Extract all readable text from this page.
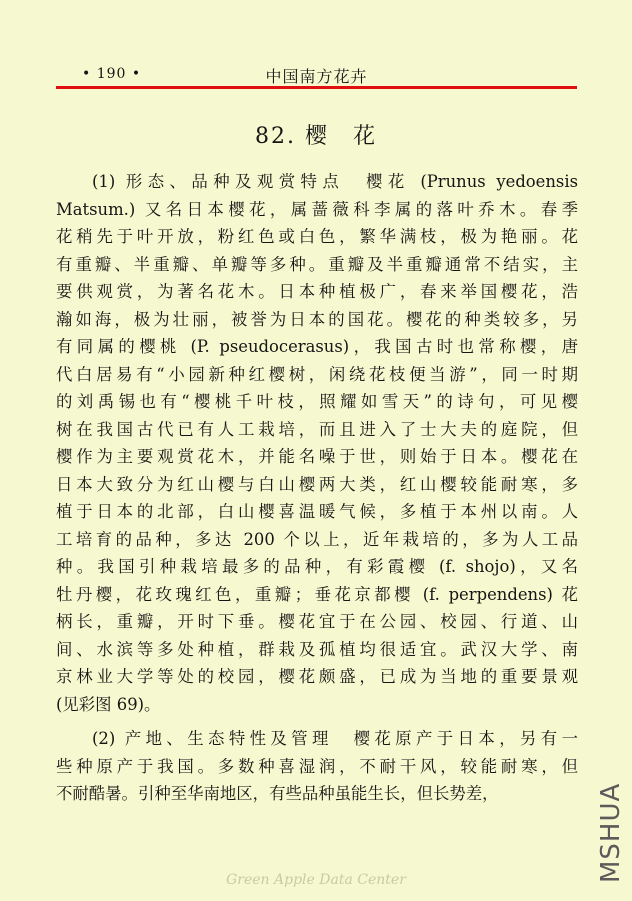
• 190 •	中国南方花卉
82. 樱　花
(1) 形态、品种及观赏特点　樱花 (Prunus yedoensis
Matsum.) 又名日本樱花，属蔷薇科李属的落叶乔木。春季
花稍先于叶开放，粉红色或白色，繁华满枝，极为艳丽。花
有重瓣、半重瓣、单瓣等多种。重瓣及半重瓣通常不结实，主
要供观赏，为著名花木。日本种植极广，春来举国樱花，浩
瀚如海，极为壮丽，被誉为日本的国花。樱花的种类较多，另
有同属的樱桃 (P. pseudocerasus)，我国古时也常称樱，唐
代白居易有“小园新种红樱树，闲绕花枝便当游”，同一时期
的刘禹锡也有“樱桃千叶枝，照耀如雪天”的诗句，可见樱
树在我国古代已有人工栽培，而且进入了士大夫的庭院，但
樱作为主要观赏花木，并能名噪于世，则始于日本。樱花在
日本大致分为红山樱与白山樱两大类，红山樱较能耐寒，多
植于日本的北部，白山樱喜温暖气候，多植于本州以南。人
工培育的品种，多达 200 个以上，近年栽培的，多为人工品
种。我国引种栽培最多的品种，有彩霞樱 (f. shojo)，又名
牡丹樱，花玫瑰红色，重瓣；垂花京都樱 (f. perpendens) 花
柄长，重瓣，开时下垂。樱花宜于在公园、校园、行道、山
间、水滨等多处种植，群栽及孤植均很适宜。武汉大学、南
京林业大学等处的校园，樱花颇盛，已成为当地的重要景观
(见彩图 69)。
(2) 产地、生态特性及管理　樱花原产于日本，另有一
些种原产于我国。多数种喜湿润，不耐干风，较能耐寒，但
不耐酷暑。引种至华南地区，有些品种虽能生长，但长势差，	MSHUA
Green Apple Data Center
